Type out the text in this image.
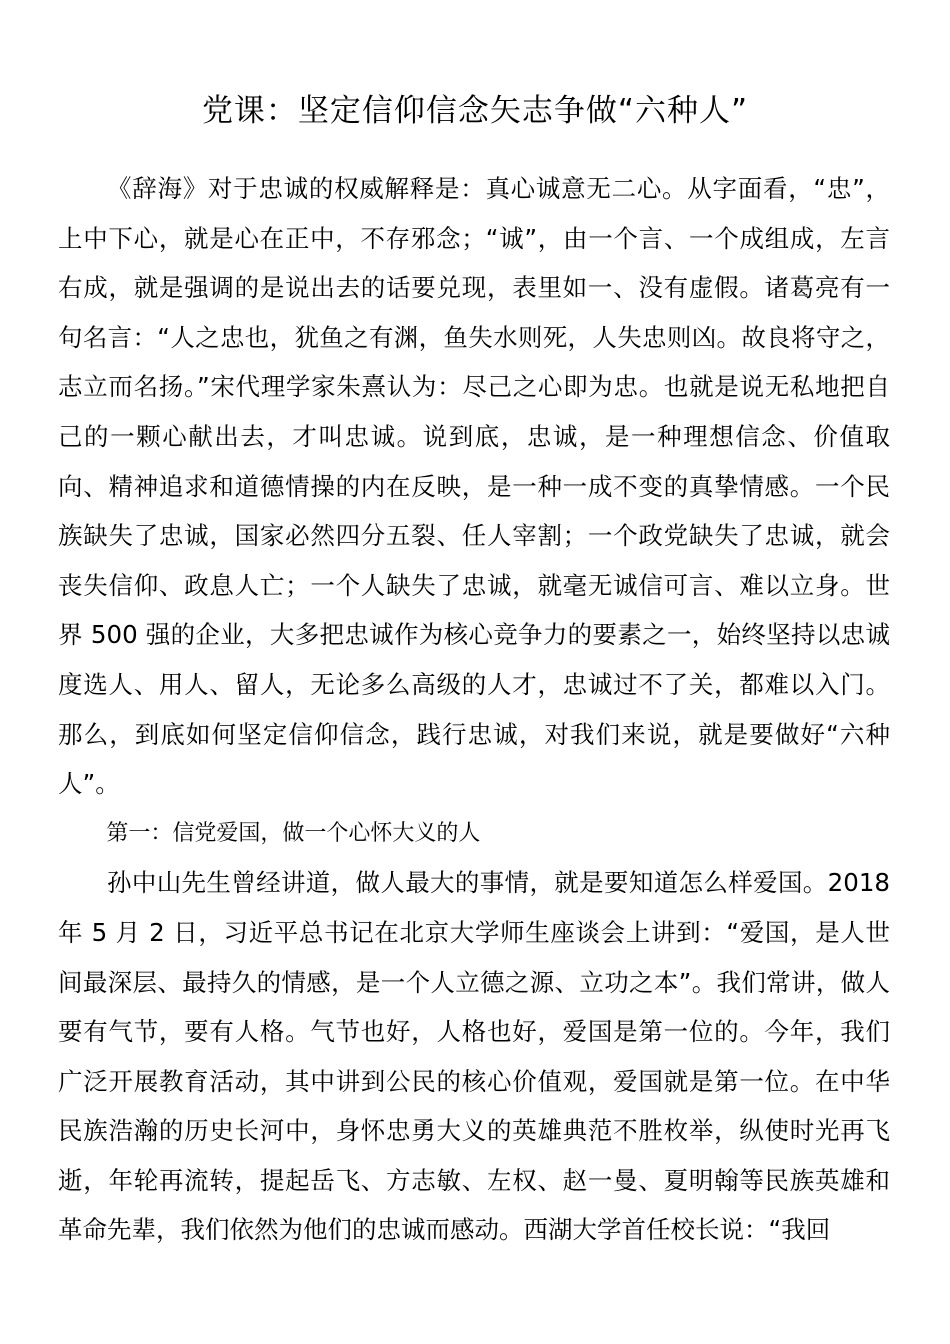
党课：坚定信仰信念矢志争做“六种人”

《辞海》对于忠诚的权威解释是：真心诚意无二心。从字面看，“忠”，上中下心，就是心在正中，不存邪念；“诚”，由一个言、一个成组成，左言右成，就是强调的是说出去的话要兑现，表里如一、没有虚假。诸葛亮有一句名言：“人之忠也，犹鱼之有渊，鱼失水则死，人失忠则凶。故良将守之，志立而名扬。”宋代理学家朱熹认为：尽己之心即为忠。也就是说无私地把自己的一颗心献出去，才叫忠诚。说到底，忠诚，是一种理想信念、价值取向、精神追求和道德情操的内在反映，是一种一成不变的真挚情感。一个民族缺失了忠诚，国家必然四分五裂、任人宰割；一个政党缺失了忠诚，就会丧失信仰、政息人亡；一个人缺失了忠诚，就毫无诚信可言、难以立身。世界 500 强的企业，大多把忠诚作为核心竞争力的要素之一，始终坚持以忠诚度选人、用人、留人，无论多么高级的人才，忠诚过不了关，都难以入门。那么，到底如何坚定信仰信念，践行忠诚，对我们来说，就是要做好“六种人”。

第一：信党爱国，做一个心怀大义的人

孙中山先生曾经讲道，做人最大的事情，就是要知道怎么样爱国。2018 年 5 月 2 日，习近平总书记在北京大学师生座谈会上讲到：“爱国，是人世间最深层、最持久的情感，是一个人立德之源、立功之本”。我们常讲，做人要有气节，要有人格。气节也好，人格也好，爱国是第一位的。今年，我们广泛开展教育活动，其中讲到公民的核心价值观，爱国就是第一位。在中华民族浩瀚的历史长河中，身怀忠勇大义的英雄典范不胜枚举，纵使时光再飞逝，年轮再流转，提起岳飞、方志敏、左权、赵一曼、夏明翰等民族英雄和革命先辈，我们依然为他们的忠诚而感动。西湖大学首任校长说：“我回
